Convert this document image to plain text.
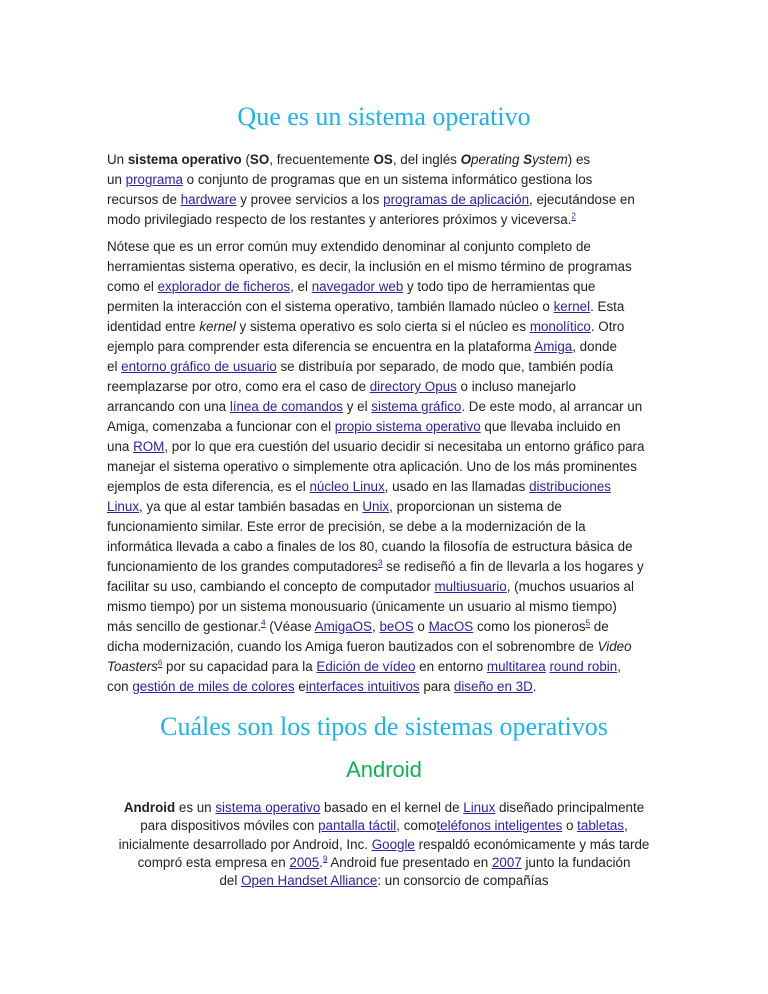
Que es un sistema operativo
Un sistema operativo (SO, frecuentemente OS, del inglés Operating System) es
un programa o conjunto de programas que en un sistema informático gestiona los
recursos de hardware y provee servicios a los programas de aplicación, ejecutándose en
modo privilegiado respecto de los restantes y anteriores próximos y viceversa.$^2$
Nótese que es un error común muy extendido denominar al conjunto completo de
herramientas sistema operativo, es decir, la inclusión en el mismo término de programas
como el explorador de ficheros, el navegador web y todo tipo de herramientas que
permiten la interacción con el sistema operativo, también llamado núcleo o kernel. Esta
identidad entre kernel y sistema operativo es solo cierta si el núcleo es monolítico. Otro
ejemplo para comprender esta diferencia se encuentra en la plataforma Amiga, donde
el entorno gráfico de usuario se distribuía por separado, de modo que, también podía
reemplazarse por otro, como era el caso de directory Opus o incluso manejarlo
arrancando con una línea de comandos y el sistema gráfico. De este modo, al arrancar un
Amiga, comenzaba a funcionar con el propio sistema operativo que llevaba incluido en
una ROM, por lo que era cuestión del usuario decidir si necesitaba un entorno gráfico para
manejar el sistema operativo o simplemente otra aplicación. Uno de los más prominentes
ejemplos de esta diferencia, es el núcleo Linux, usado en las llamadas distribuciones
Linux, ya que al estar también basadas en Unix, proporcionan un sistema de
funcionamiento similar. Este error de precisión, se debe a la modernización de la
informática llevada a cabo a finales de los 80, cuando la filosofía de estructura básica de
funcionamiento de los grandes computadores$^3$ se rediseñó a fin de llevarla a los hogares y
facilitar su uso, cambiando el concepto de computador multiusuario, (muchos usuarios al
mismo tiempo) por un sistema monousuario (únicamente un usuario al mismo tiempo)
más sencillo de gestionar.$^4$ (Véase AmigaOS, beOS o MacOS como los pioneros$^5$ de
dicha modernización, cuando los Amiga fueron bautizados con el sobrenombre de Video
Toasters$^6$ por su capacidad para la Edición de vídeo en entorno multitarea round robin,
con gestión de miles de colores einterfaces intuitivos para diseño en 3D.
Cuáles son los tipos de sistemas operativos
Android
Android es un sistema operativo basado en el kernel de Linux diseñado principalmente
para dispositivos móviles con pantalla táctil, comoteléfonos inteligentes o tabletas,
inicialmente desarrollado por Android, Inc. Google respaldó económicamente y más tarde
compró esta empresa en 2005.$^9$ Android fue presentado en 2007 junto la fundación
del Open Handset Alliance: un consorcio de compañías
